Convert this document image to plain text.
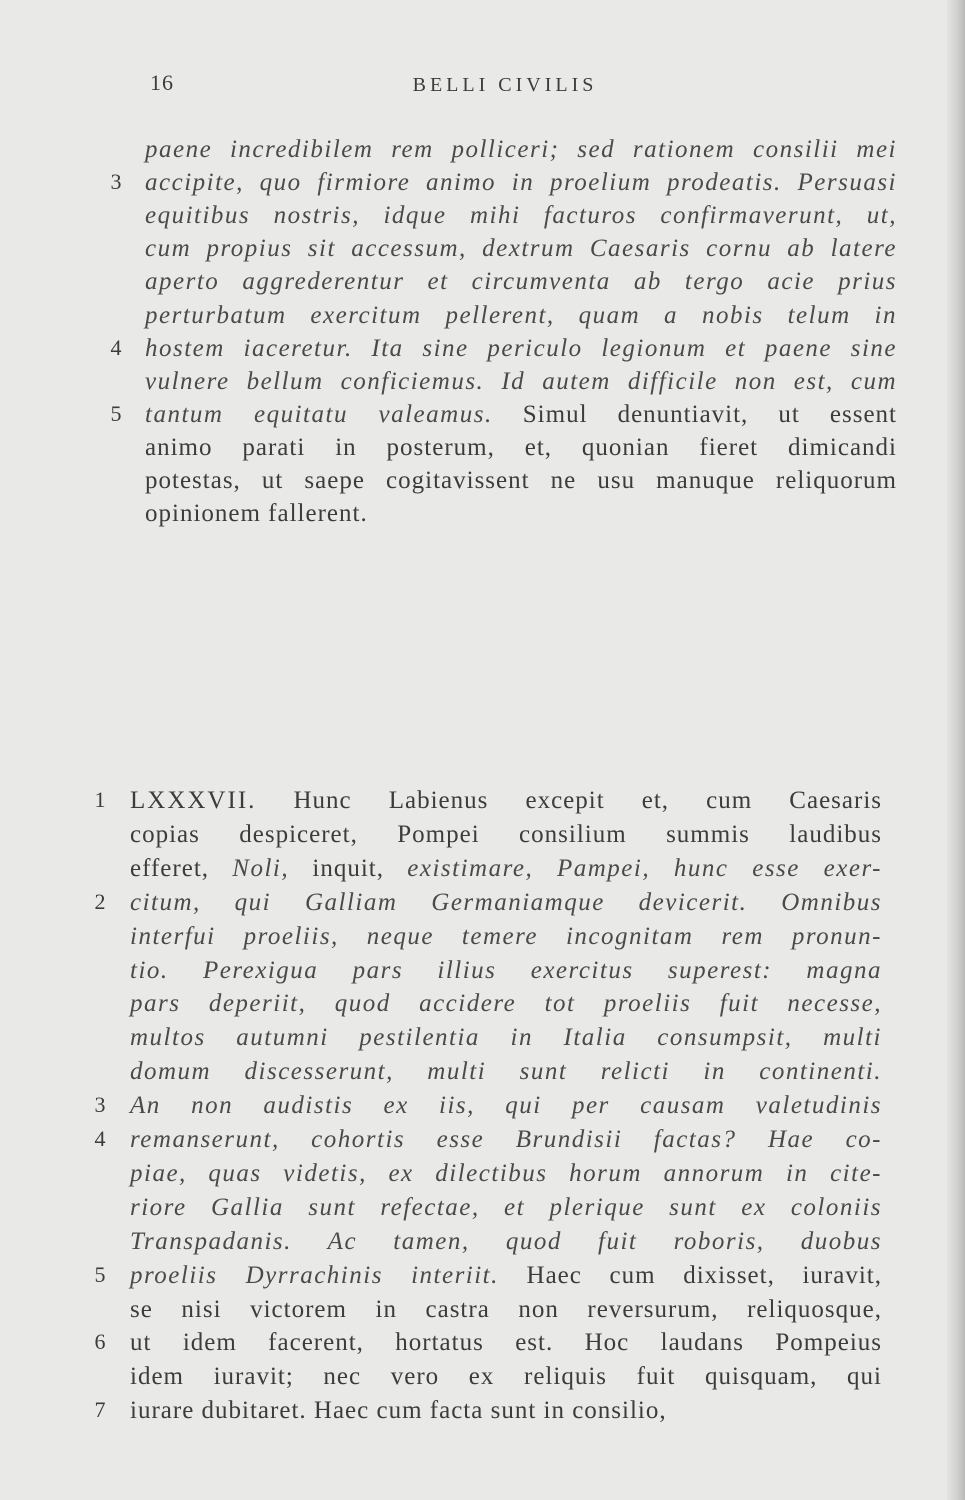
16	BELLI CIVILIS
paene incredibilem rem polliceri; sed rationem consilii mei
accipite, quo firmiore animo in proelium prodeatis. Persuasi
equitibus nostris, idque mihi facturos confirmaverunt, ut,
cum propius sit accessum, dextrum Caesaris cornu ab latere
aperto aggrederentur et circumventa ab tergo acie prius
perturbatum exercitum pellerent, quam a nobis telum in
hostem iaceretur. Ita sine periculo legionum et paene sine
vulnere bellum conficiemus. Id autem difficile non est, cum
tantum equitatu valeamus. Simul denuntiavit, ut essent
animo parati in posterum, et, quonian fieret dimicandi
potestas, ut saepe cogitavissent ne usu manuque reliquorum
opinionem fallerent.
3
4
5
LXXXVII. Hunc Labienus excepit et, cum Caesaris
copias despiceret, Pompei consilium summis laudibus
efferet, Noli, inquit, existimare, Pampei, hunc esse exer-
citum, qui Galliam Germaniamque devicerit. Omnibus
interfui proeliis, neque temere incognitam rem pronun-
tio. Perexigua pars illius exercitus superest: magna
pars deperiit, quod accidere tot proeliis fuit necesse,
multos autumni pestilentia in Italia consumpsit, multi
domum discesserunt, multi sunt relicti in continenti.
An non audistis ex iis, qui per causam valetudinis
remanserunt, cohortis esse Brundisii factas? Hae co-
piae, quas videtis, ex dilectibus horum annorum in cite-
riore Gallia sunt refectae, et plerique sunt ex coloniis
Transpadanis. Ac tamen, quod fuit roboris, duobus
proeliis Dyrrachinis interiit. Haec cum dixisset, iuravit,
se nisi victorem in castra non reversurum, reliquosque,
ut idem facerent, hortatus est. Hoc laudans Pompeius
idem iuravit; nec vero ex reliquis fuit quisquam, qui
iurare dubitaret. Haec cum facta sunt in consilio,
1
2
3
4
5
6
7
